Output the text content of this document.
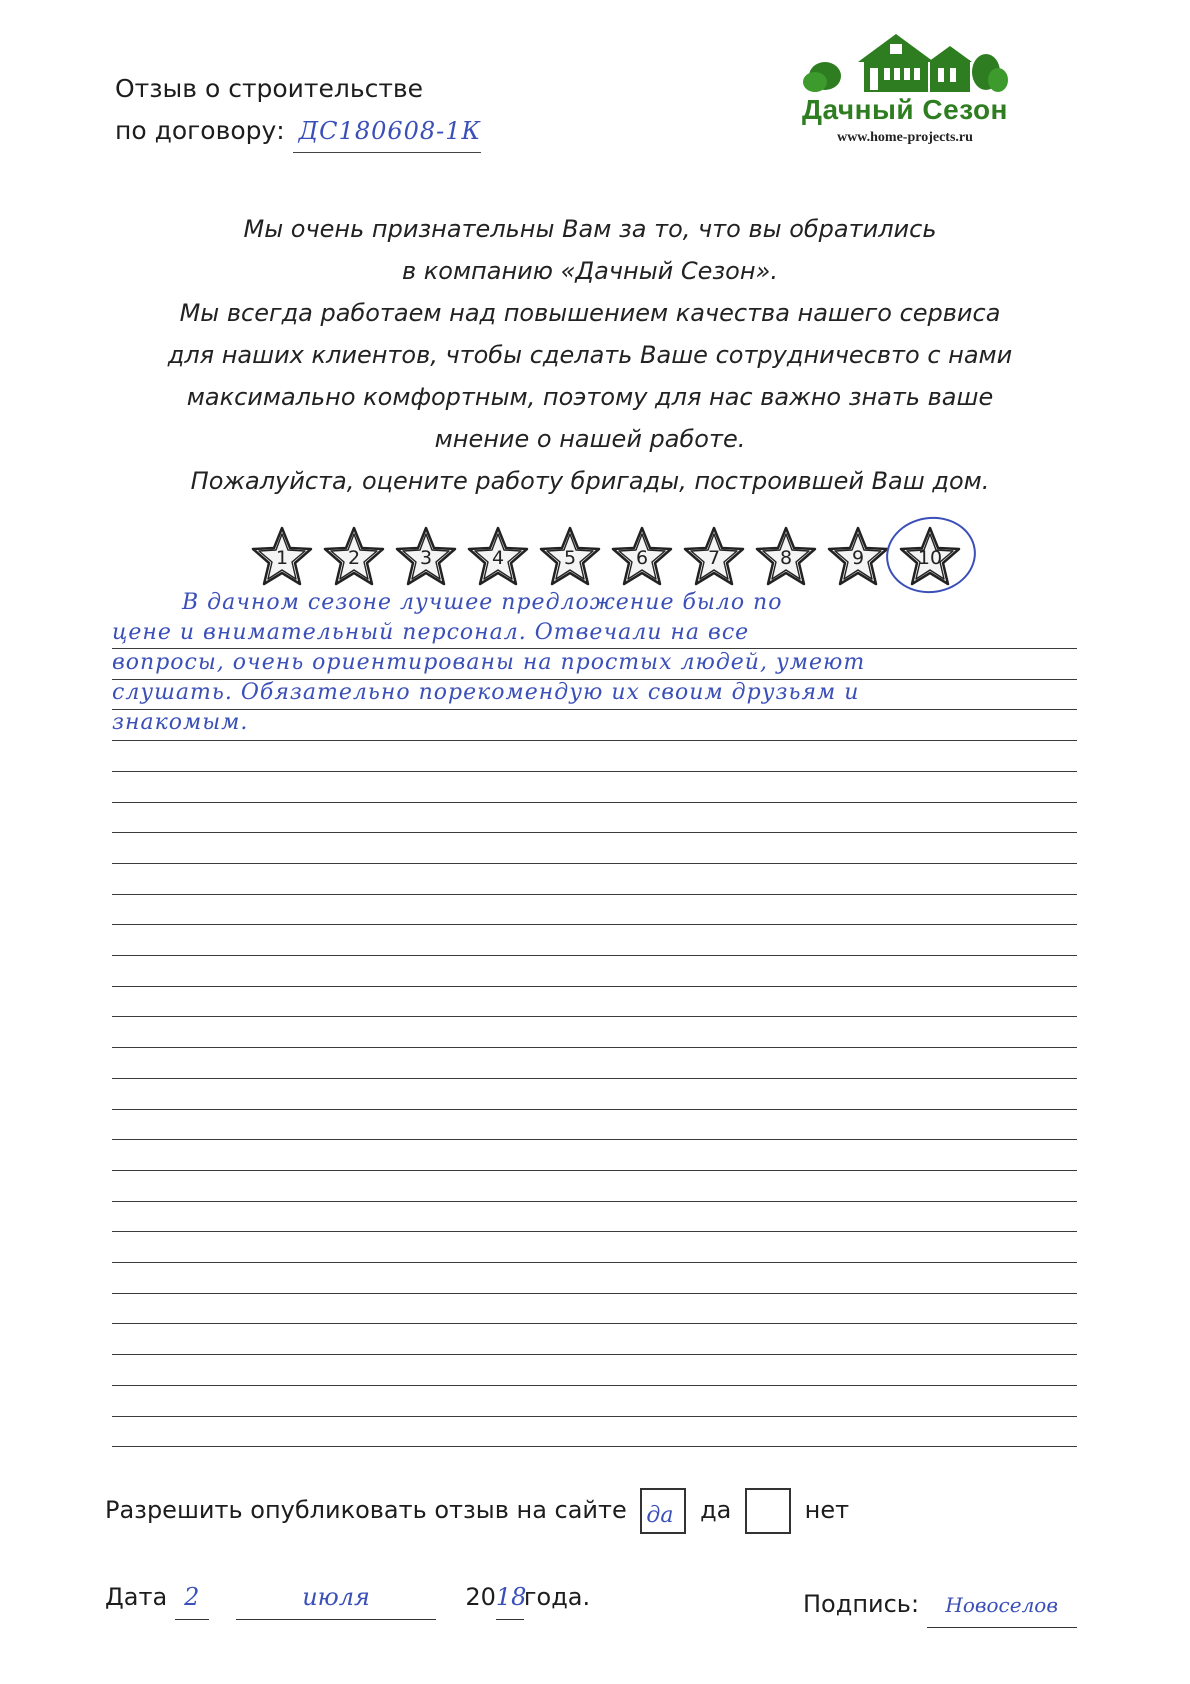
Отзыв о строительстве
по договору: ДС180608-1К
Дачный Сезон
www.home-projects.ru
Мы очень признательны Вам за то, что вы обратились
в компанию «Дачный Сезон».
Мы всегда работаем над повышением качества нашего сервиса
для наших клиентов, чтобы сделать Ваше сотрудничесвто с нами
максимально комфортным, поэтому для нас важно знать ваше
мнение о нашей работе.
Пожалуйста, оцените работу бригады, построившей Ваш дом.
1	2	3	4	5	6	7	8	9	10
В дачном сезоне лучшее предложение было по
цене и внимательный персонал. Отвечали на все
вопросы, очень ориентированы на простых людей, умеют
слушать. Обязательно порекомендую их своим друзьям и
знакомым.
Разрешить опубликовать отзыв на сайте да да	нет
Дата 2	июля	2018года.	Подпись: Новоселов
